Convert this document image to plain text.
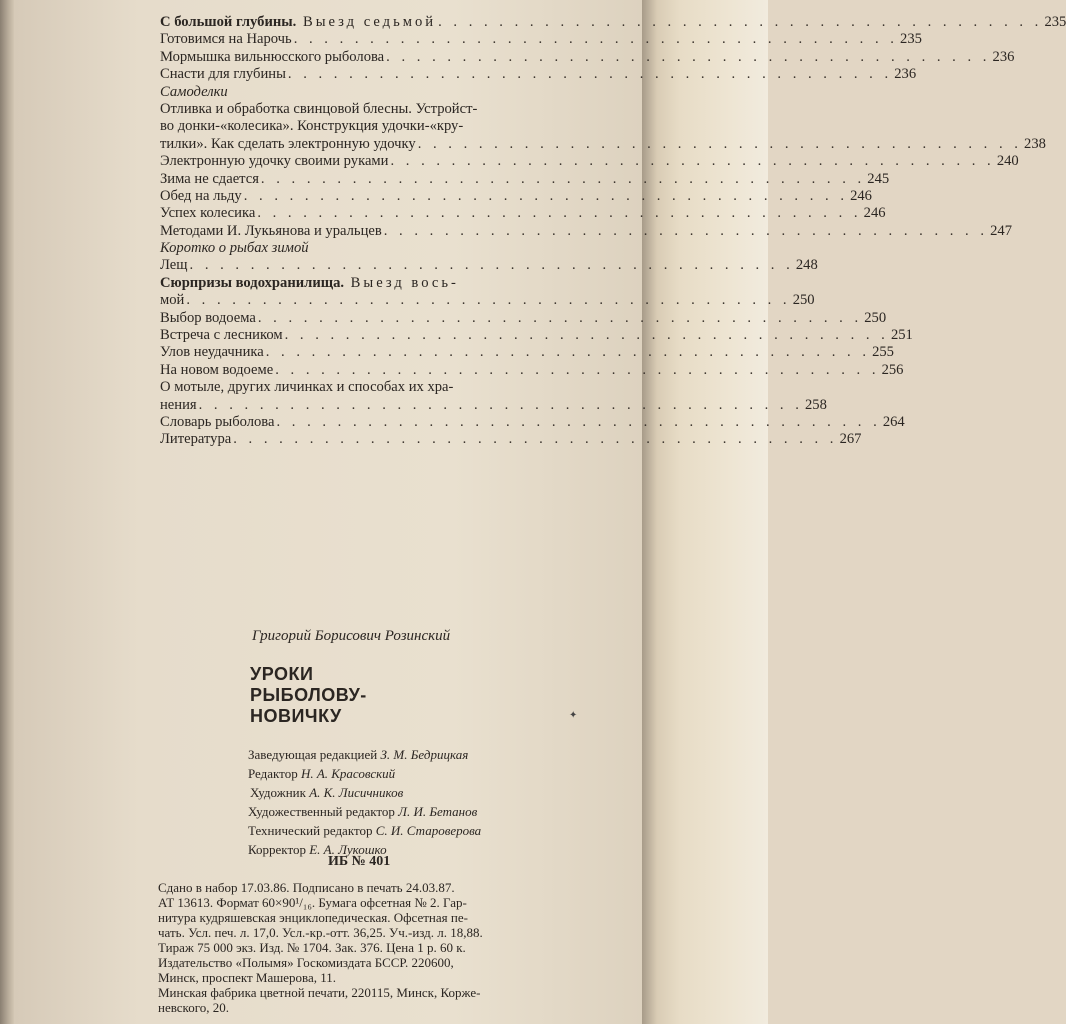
С большой глубины. Выезд седьмой . . . . . . . . . . . . . . . . . . . . . . . . . . . . . . . . . . . . . . . . 235
Готовимся на Нарочь . . . . . . . . . . . . . . . . . . . . . . . . . . . . . . . . . . . . . . . . 235
Мормышка вильнюсского рыболова . . . . . . . . . . . . . . . . . . . . . . . . . . . . . . . . . . . . . . . . 236
Снасти для глубины . . . . . . . . . . . . . . . . . . . . . . . . . . . . . . . . . . . . . . . . 236
Самоделки
Отливка и обработка свинцовой блесны. Устройст-
во донки-«колесика». Конструкция удочки-«кру-
тилки». Как сделать электронную удочку . . . . . . . . . . . . . . . . . . . . . . . . . . . . . . . . . . . . . . . . 238
Электронную удочку своими руками . . . . . . . . . . . . . . . . . . . . . . . . . . . . . . . . . . . . . . . . 240
Зима не сдается . . . . . . . . . . . . . . . . . . . . . . . . . . . . . . . . . . . . . . . . 245
Обед на льду . . . . . . . . . . . . . . . . . . . . . . . . . . . . . . . . . . . . . . . . 246
Успех колесика . . . . . . . . . . . . . . . . . . . . . . . . . . . . . . . . . . . . . . . . 246
Методами И. Лукьянова и уральцев . . . . . . . . . . . . . . . . . . . . . . . . . . . . . . . . . . . . . . . . 247
Коротко о рыбах зимой
Лещ . . . . . . . . . . . . . . . . . . . . . . . . . . . . . . . . . . . . . . . . 248
Сюрпризы водохранилища. Выезд вось-
мой . . . . . . . . . . . . . . . . . . . . . . . . . . . . . . . . . . . . . . . . 250
Выбор водоема . . . . . . . . . . . . . . . . . . . . . . . . . . . . . . . . . . . . . . . . 250
Встреча с лесником . . . . . . . . . . . . . . . . . . . . . . . . . . . . . . . . . . . . . . . . 251
Улов неудачника . . . . . . . . . . . . . . . . . . . . . . . . . . . . . . . . . . . . . . . . 255
На новом водоеме . . . . . . . . . . . . . . . . . . . . . . . . . . . . . . . . . . . . . . . . 256
О мотыле, других личинках и способах их хра-
нения . . . . . . . . . . . . . . . . . . . . . . . . . . . . . . . . . . . . . . . . 258
Словарь рыболова . . . . . . . . . . . . . . . . . . . . . . . . . . . . . . . . . . . . . . . . 264
Литература . . . . . . . . . . . . . . . . . . . . . . . . . . . . . . . . . . . . . . . . 267
Григорий Борисович Розинский
УРОКИ
РЫБОЛОВУ-
НОВИЧКУ	✦
Заведующая редакцией З. М. Бедрицкая
Редактор Н. А. Красовский
Художник А. К. Лисичников
Художественный редактор Л. И. Бетанов
Технический редактор С. И. Староверова
Корректор Е. А. Лукошко
ИБ № 401
Сдано в набор 17.03.86. Подписано в печать 24.03.87.
АТ 13613. Формат 60×90¹/₁₆. Бумага офсетная № 2. Гар-
нитура кудряшевская энциклопедическая. Офсетная пе-
чать. Усл. печ. л. 17,0. Усл.-кр.-отт. 36,25. Уч.-изд. л. 18,88.
Тираж 75 000 экз. Изд. № 1704. Зак. 376. Цена 1 р. 60 к.
Издательство «Полымя» Госкомиздата БССР. 220600,
Минск, проспект Машерова, 11.
Минская фабрика цветной печати, 220115, Минск, Корже-
невского, 20.
